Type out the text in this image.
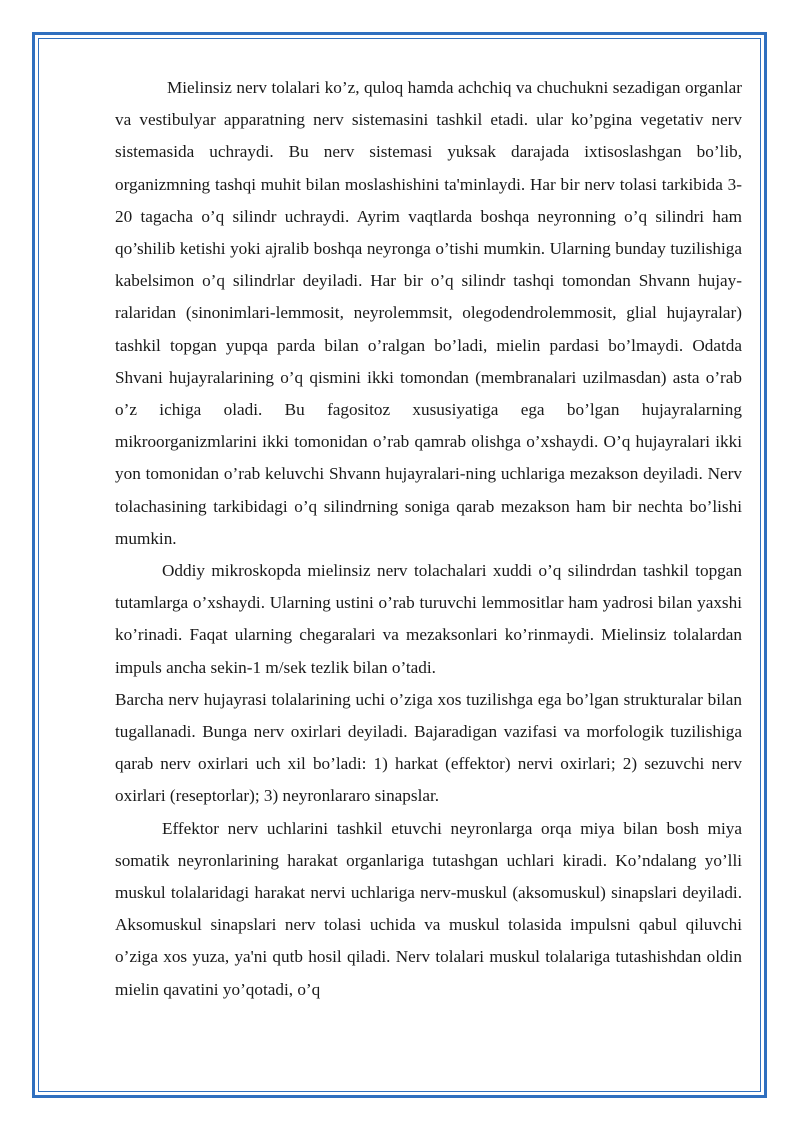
Mielinsiz nerv tolalari ko’z, quloq hamda achchiq va chuchukni sezadigan organlar va vestibulyar apparatning nerv sistemasini tashkil etadi. ular ko’pgina vegetativ nerv sistemasida uchraydi. Bu nerv sistemasi yuksak darajada ixtisoslashgan bo’lib, organizmning tashqi muhit bilan moslashishini ta'minlaydi. Har bir nerv tolasi tarkibida 3-20 tagacha o’q silindr uchraydi. Ayrim vaqtlarda boshqa neyronning o’q silindri ham qo’shilib ketishi yoki ajralib boshqa neyronga o’tishi mumkin. Ularning bunday tuzilishiga kabelsimon o’q silindrlar deyiladi. Har bir o’q silindr tashqi tomondan Shvann hujay-ralaridan (sinonimlari-lemmosit, neyrolemmsit, olegodendrolemmosit, glial hujayralar) tashkil topgan yupqa parda bilan o’ralgan bo’ladi, mielin pardasi bo’lmaydi. Odatda Shvani hujayralarining o’q qismini ikki tomondan (membranalari uzilmasdan) asta o’rab o’z ichiga oladi. Bu fagositoz xususiyatiga ega bo’lgan hujayralarning mikroorganizmlarini ikki tomonidan o’rab qamrab olishga o’xshaydi. O’q hujayralari ikki yon tomonidan o’rab keluvchi Shvann hujayralari-ning uchlariga mezakson deyiladi. Nerv tolachasining tarkibidagi o’q silindrning soniga qarab mezakson ham bir nechta bo’lishi mumkin.

Oddiy mikroskopda mielinsiz nerv tolachalari xuddi o’q silindrdan tashkil topgan tutamlarga o’xshaydi. Ularning ustini o’rab turuvchi lemmositlar ham yadrosi bilan yaxshi ko’rinadi. Faqat ularning chegaralari va mezaksonlari ko’rinmaydi. Mielinsiz tolalardan impuls ancha sekin-1 m/sek tezlik bilan o’tadi.

Barcha nerv hujayrasi tolalarining uchi o’ziga xos tuzilishga ega bo’lgan strukturalar bilan tugallanadi. Bunga nerv oxirlari deyiladi. Bajaradigan vazifasi va morfologik tuzilishiga qarab nerv oxirlari uch xil bo’ladi: 1) harkat (effektor) nervi oxirlari; 2) sezuvchi nerv oxirlari (reseptorlar); 3) neyronlararo sinapslar.

Effektor nerv uchlarini tashkil etuvchi neyronlarga orqa miya bilan bosh miya somatik neyronlarining harakat organlariga tutashgan uchlari kiradi. Ko’ndalang yo’lli muskul tolalaridagi harakat nervi uchlariga nerv-muskul (aksomuskul) sinapslari deyiladi. Aksomuskul sinapslari nerv tolasi uchida va muskul tolasida impulsni qabul qiluvchi o’ziga xos yuza, ya'ni qutb hosil qiladi. Nerv tolalari muskul tolalariga tutashishdan oldin mielin qavatini yo’qotadi, o’q
